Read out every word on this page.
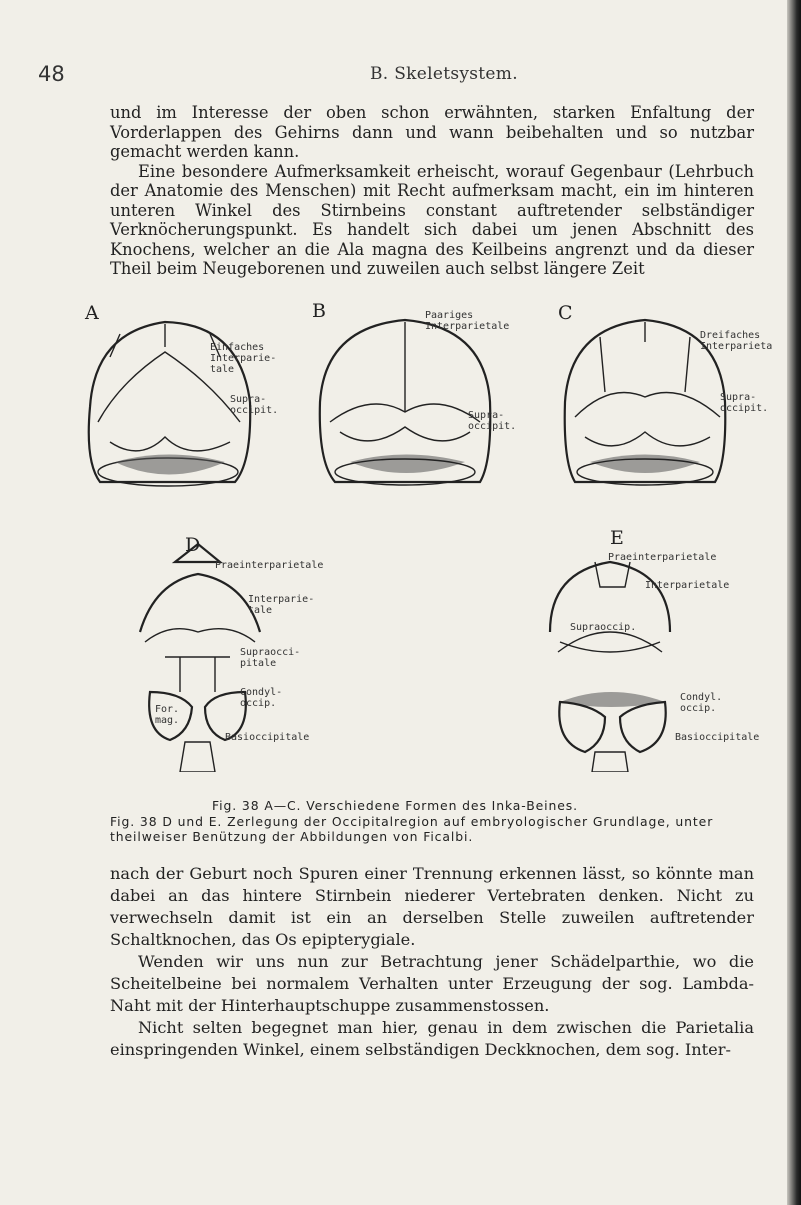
48	B. Skeletsystem.

und im Interesse der oben schon erwähnten, starken Enfaltung der Vorderlappen des Gehirns dann und wann beibehalten und so nutzbar gemacht werden kann.

Eine besondere Aufmerksamkeit erheischt, worauf Gegenbaur (Lehrbuch der Anatomie des Menschen) mit Recht aufmerksam macht, ein im hinteren unteren Winkel des Stirnbeins constant auftretender selbständiger Verknöcherungspunkt. Es handelt sich dabei um jenen Abschnitt des Knochens, welcher an die Ala magna des Keilbeins angrenzt und da dieser Theil beim Neugeborenen und zuweilen auch selbst längere Zeit

A	B	C
D	E
Einfaches
Interparie-
tale
Supra-
occipit.
Paariges
Interparietale
Supra-
occipit.
Dreifaches
Interparieta
Supra-
occipit.
Praeinterparietale
Interparie-
tale
Supraocci-
pitale
Condyl-
occip.
For.
mag.
Basioccipitale
Praeinterparietale
Interparietale
Supraoccip.
Condyl.
occip.
Basioccipitale

Fig. 38 A—C. Verschiedene Formen des Inka-Beines.

Fig. 38 D und E. Zerlegung der Occipitalregion auf embryologischer Grundlage, unter theilweiser Benützung der Abbildungen von Ficalbi.

nach der Geburt noch Spuren einer Trennung erkennen lässt, so könnte man dabei an das hintere Stirnbein niederer Vertebraten denken. Nicht zu verwechseln damit ist ein an derselben Stelle zuweilen auftretender Schaltknochen, das Os epipterygiale.

Wenden wir uns nun zur Betrachtung jener Schädelparthie, wo die Scheitelbeine bei normalem Verhalten unter Erzeugung der sog. Lambda-Naht mit der Hinterhauptschuppe zusammenstossen.

Nicht selten begegnet man hier, genau in dem zwischen die Parietalia einspringenden Winkel, einem selbständigen Deckknochen, dem sog. Inter-
